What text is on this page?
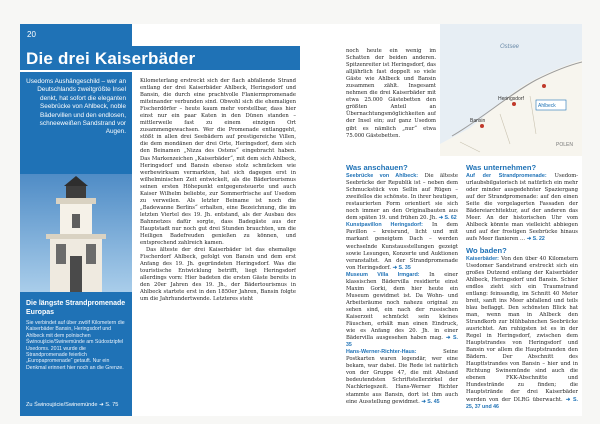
20
Usedoms Aushängeschild – wer an Deutschlands zweitgrößte Insel denkt, hat sofort die eleganten Seebrücke von Ahlbeck, noble Bädervillen und den endlosen, schneeweißen Sandstrand vor Augen.
Die längste Strandpromenade Europas
Sie verbindet auf über zwölf Kilometern die Kaiserbäder Bansin, Heringsdorf und Ahlbeck mit dem polnischen Świnoujście/Swinemünde am Südostzipfel Usedoms. 2011 wurde die Strandpromenade feierlich „Europapromenade“ getauft. Nur ein Denkmal erinnert hier noch an die Grenze.
Zu Świnoujście/Swinemünde ➜ S. 75
Die drei Kaiserbäder

Kilometerlang erstreckt sich der flach abfallende Strand entlang der drei Kaiserbäder Ahlbeck, Heringsdorf und Bansin, die durch eine prachtvolle Flaniermpromenade miteinander verbunden sind. Obwohl sich die ehemaligen Fischerdörfer – heute kaum mehr vorstellbar, dass hier einst nur ein paar Katen in den Dünen standen – mittlerweile fast zu einem einzigen Ort zusammengewachsen. Wer die Promenade entlanggeht, stößt in allen drei Seebädern auf prestigereiche Villen, die dem mondänen der drei Orte, Heringsdorf, dem sich den Beinamen „Nizza des Ostens“ eingebracht haben. Das Markenzeichen „Kaiserbäder“, mit dem sich Ahlbeck, Heringsdorf und Bansin ebenso stolz schmücken wie werbewirksam vermarkten, hat sich dagegen erst in wilhelminischen Zeit entwickelt, als die Bädertourismus seinen ersten Höhepunkt entgegensteuerte und auch Kaiser Wilhelm beliebte, zur Sommerfrische auf Usedom zu verweilen. Als letzter Beiname ist noch die „Badewanne Berlins“ erhalten, eine Bezeichnung, die im letzten Viertel des 19. Jh. entstand, als der Ausbau des Bahnnetzes dafür sorgte, dass Badegäste aus der Hauptstadt nur noch gut drei Stunden brauchten, um die Heiligen Badefreuden genießen zu können, und entsprechend zahlreich kamen.

Das älteste der drei Kaiserbäder ist das ehemalige Fischerdorf Ahlbeck, gefolgt von Bansin und dem erst Anfang des 19. Jh. gegründeten Heringsdorf. Was die touristische Entwicklung betrifft, liegt Heringsdorf allerdings vorn: Hier badeten die ersten Gäste bereits in den 20er Jahren des 19. Jh., der Bädertourismus in Ahlbeck startete erst in den 1850er Jahren, Bansin folgte um die Jahrhundertwende. Letzteres steht

noch heute ein wenig im Schatten der beiden anderen. Spitzenreiter ist Heringsdorf, das alljährlich fast doppelt so viele Gäste wie Ahlbeck und Bansin zusammen zählt. Insgesamt nehmen die drei Kaiserbäder mit etwa 25.000 Gästebetten den größten Anteil an Übernachtungsmöglichkeiten auf der Insel ein; auf ganz Usedom gibt es nämlich „nur“ etwa 75.000 Gästebetten.

Bansin
Heringsdorf
Ahlbeck
Ostsee
POLEN
Was anschauen?

Seebrücke von Ahlbeck: Die älteste Seebrücke der Republik ist – neben dem Schmuckstück von Sellin auf Rügen – zweifellos die schönste. In ihrer heutigen, restaurierten Form orientiert sie sich noch immer an den Originalbauten aus dem späten 19. und frühen 20. Jh. ➜ S. 62

Kunstpavillon Heringsdorf: In dem Pavillon – kreisrund, licht und mit markant geneigtem Dach – werden wechselnde Kunstausstellungen gezeigt sowie Lesungen, Konzerte und Auktionen veranstaltet. An der Strandpromenade von Heringsdorf. ➜ S. 35

Museum Villa Irmgard: In einer klassischen Bädervilla residierte einst Maxim Gorki, dem hier heute ein Museum gewidmet ist. Da Wohn- und Arbeitsräume noch nahezu original zu sehen sind, ein nach der russischen Kaiserzeit schmückt sein kleines Fäuschen, erhält man einen Eindruck, wie es Anfang des 20. Jh. in einer Bädervilla ausgesehen haben mag. ➜ S. 35

Hans-Werner-Richter-Haus:	Seine Postkarten waren legendär, wer eine bekam, war dabei. Die Rede ist natürlich von der Gruppe 47, die mit Abstand bedeutendsten Schriftstellerzirkel der Nachkriegszeit. Hans-Werner Richter stammte aus Bansin, dort ist ihm auch eine Ausstellung gewidmet. ➜ S. 45

Was unternehmen?

Auf der Strandpromenade: Usedom-urlaubsbilgatorisch ist natürlich ein mehr oder minder ausgedehnter Spaziergang auf der Strandpromenade: auf den einen Seite die vorgelagerten Fassaden der Bädereiarchitektur, auf der anderen das Meer. An der historischen Uhr vom Ahlbeck könnte man vielleicht abbiegen und auf der frostigen Seebrücke hinaus aufs Meer flanieren ... ➜ S. 22

Wo baden?

Kaiserbäder: Von den über 40 Kilometern Usedomer Sandstrand erstreckt sich ein großes Dutzend entlang der Kaiserbäder Ahlbeck, Heringsdorf und Bansin. Schier endlos zieht sich ein Traumstrand entlang: feinsandig, im Schnitt 40 Meter breit, sanft ins Meer abfallend und teils blau beflaggt. Den schönsten Blick hat man, wenn man in Ahlbeck den Strandkorb zur blühbahnchen Seebrücke ausrichtet. Am ruhigsten ist es in der Regel in Heringsdorf, zwischen dem Hauptstrandes von Heringsdorf und Bansin vor allem die Hauptstranden den Bädern. Der Abschnitt des Haupttstrandes von Bansin – hier und in Richtung Swinemünde sind auch die ebenen FKK-Abschnitte und Hundestrände zu finden; die Hauptstrände der drei Kaiserbäder werden von der DLRG überwacht. ➜ S. 25, 37 und 46
